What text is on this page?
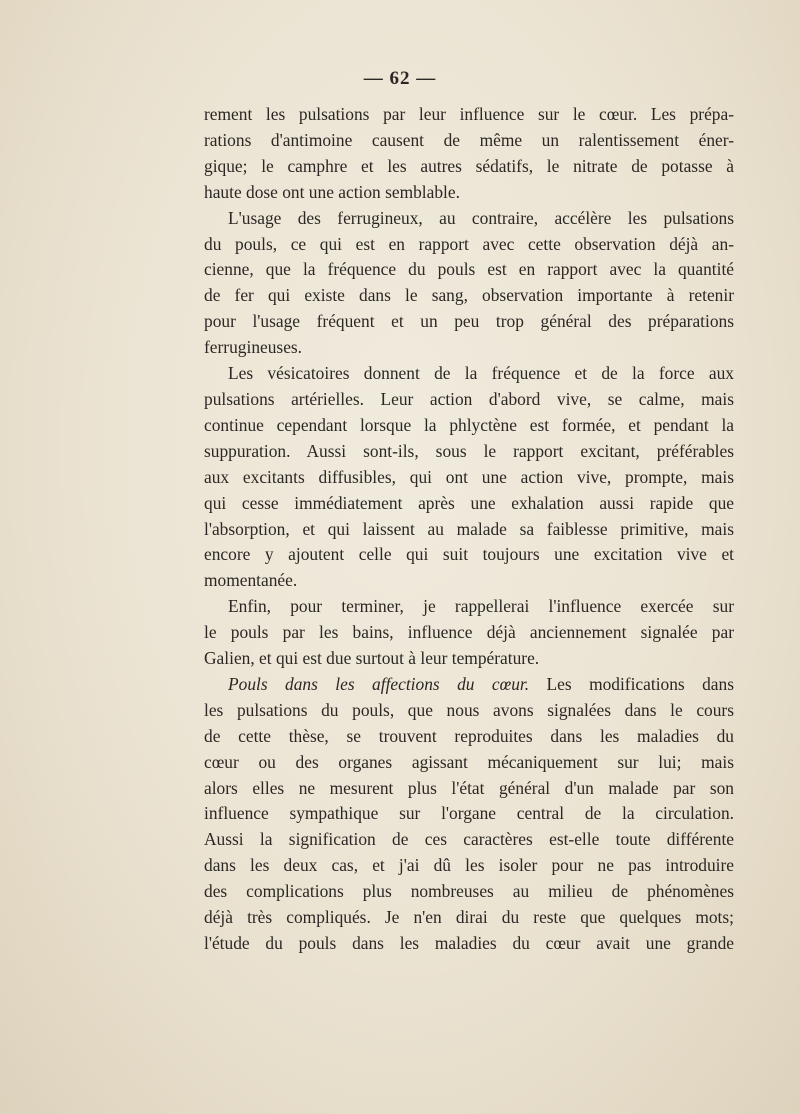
— 62 —
rement les pulsations par leur influence sur le cœur. Les prépa-
rations d'antimoine causent de même un ralentissement éner-
gique; le camphre et les autres sédatifs, le nitrate de potasse à
haute dose ont une action semblable.
L'usage des ferrugineux, au contraire, accélère les pulsations
du pouls, ce qui est en rapport avec cette observation déjà an-
cienne, que la fréquence du pouls est en rapport avec la quantité
de fer qui existe dans le sang, observation importante à retenir
pour l'usage fréquent et un peu trop général des préparations
ferrugineuses.
Les vésicatoires donnent de la fréquence et de la force aux
pulsations artérielles. Leur action d'abord vive, se calme, mais
continue cependant lorsque la phlyctène est formée, et pendant la
suppuration. Aussi sont-ils, sous le rapport excitant, préférables
aux excitants diffusibles, qui ont une action vive, prompte, mais
qui cesse immédiatement après une exhalation aussi rapide que
l'absorption, et qui laissent au malade sa faiblesse primitive, mais
encore y ajoutent celle qui suit toujours une excitation vive et
momentanée.
Enfin, pour terminer, je rappellerai l'influence exercée sur
le pouls par les bains, influence déjà anciennement signalée par
Galien, et qui est due surtout à leur température.
Pouls dans les affections du cœur. Les modifications dans
les pulsations du pouls, que nous avons signalées dans le cours
de cette thèse, se trouvent reproduites dans les maladies du
cœur ou des organes agissant mécaniquement sur lui; mais
alors elles ne mesurent plus l'état général d'un malade par son
influence sympathique sur l'organe central de la circulation.
Aussi la signification de ces caractères est-elle toute différente
dans les deux cas, et j'ai dû les isoler pour ne pas introduire
des complications plus nombreuses au milieu de phénomènes
déjà très compliqués. Je n'en dirai du reste que quelques mots;
l'étude du pouls dans les maladies du cœur avait une grande
